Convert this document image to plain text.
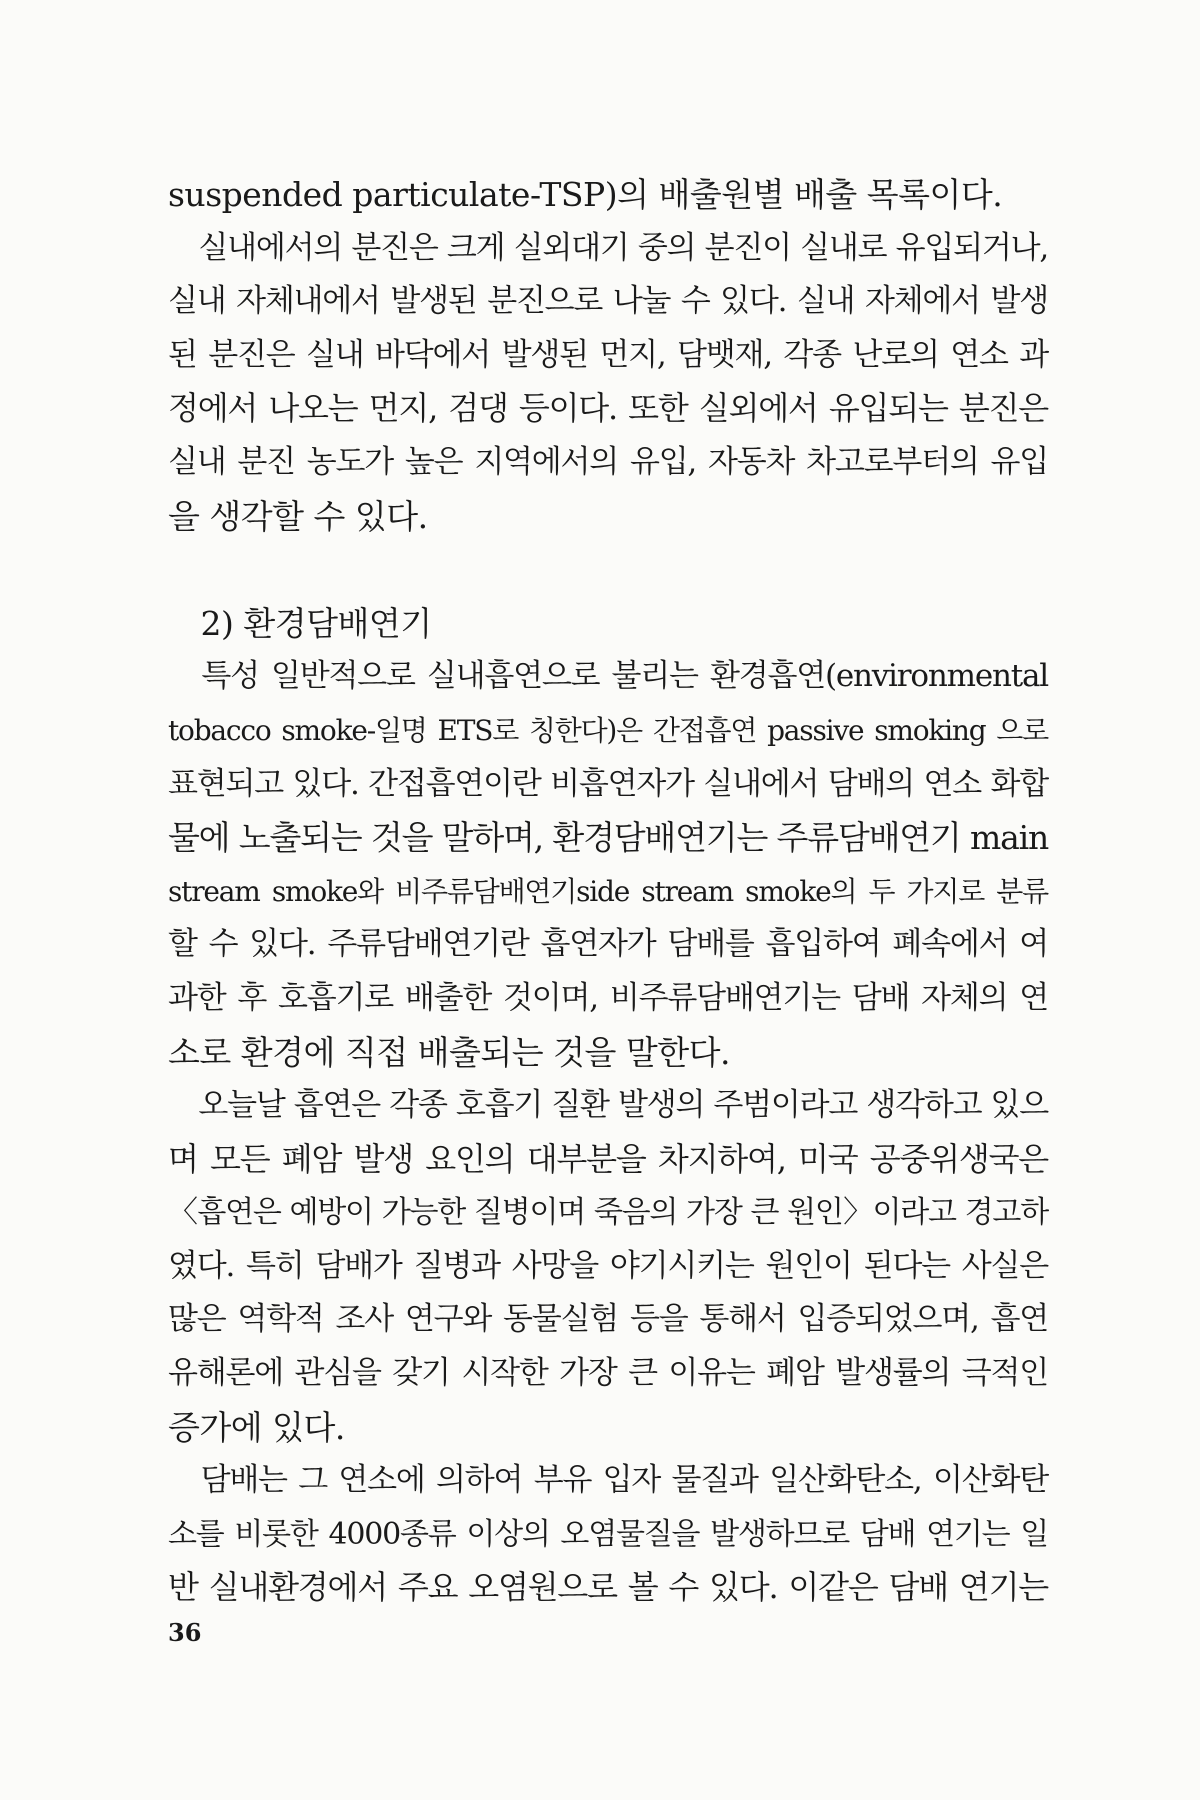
suspended particulate-TSP)의 배출원별 배출 목록이다.
　실내에서의 분진은 크게 실외대기 중의 분진이 실내로 유입되거나,
실내 자체내에서 발생된 분진으로 나눌 수 있다. 실내 자체에서 발생
된 분진은 실내 바닥에서 발생된 먼지, 담뱃재, 각종 난로의 연소 과
정에서 나오는 먼지, 검댕 등이다. 또한 실외에서 유입되는 분진은
실내 분진 농도가 높은 지역에서의 유입, 자동차 차고로부터의 유입
을 생각할 수 있다.
　2) 환경담배연기
　특성 일반적으로 실내흡연으로 불리는 환경흡연(environmental
tobacco smoke-일명 ETS로 칭한다)은 간접흡연 passive smoking 으로
표현되고 있다. 간접흡연이란 비흡연자가 실내에서 담배의 연소 화합
물에 노출되는 것을 말하며, 환경담배연기는 주류담배연기 main
stream smoke와 비주류담배연기side stream smoke의 두 가지로 분류
할 수 있다. 주류담배연기란 흡연자가 담배를 흡입하여 폐속에서 여
과한 후 호흡기로 배출한 것이며, 비주류담배연기는 담배 자체의 연
소로 환경에 직접 배출되는 것을 말한다.
　오늘날 흡연은 각종 호흡기 질환 발생의 주범이라고 생각하고 있으
며 모든 폐암 발생 요인의 대부분을 차지하여, 미국 공중위생국은
〈흡연은 예방이 가능한 질병이며 죽음의 가장 큰 원인〉이라고 경고하
였다. 특히 담배가 질병과 사망을 야기시키는 원인이 된다는 사실은
많은 역학적 조사 연구와 동물실험 등을 통해서 입증되었으며, 흡연
유해론에 관심을 갖기 시작한 가장 큰 이유는 폐암 발생률의 극적인
증가에 있다.
　담배는 그 연소에 의하여 부유 입자 물질과 일산화탄소, 이산화탄
소를 비롯한 4000종류 이상의 오염물질을 발생하므로 담배 연기는 일
반 실내환경에서 주요 오염원으로 볼 수 있다. 이같은 담배 연기는
36
